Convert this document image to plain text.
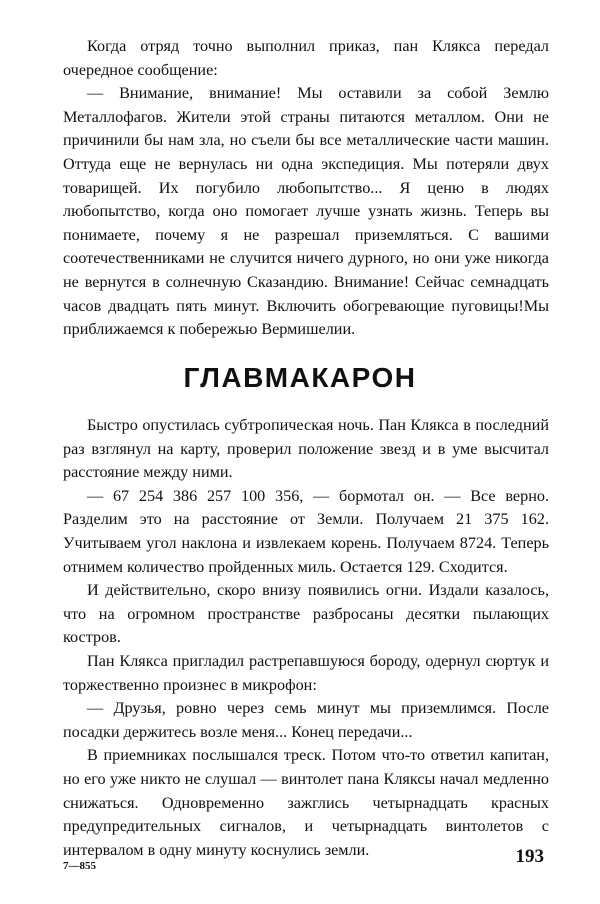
Когда отряд точно выполнил приказ, пан Клякса передал очередное сообщение:

— Внимание, внимание! Мы оставили за собой Землю Металлофагов. Жители этой страны питаются металлом. Они не причинили бы нам зла, но съели бы все металлические части машин. Оттуда еще не вернулась ни одна экспедиция. Мы потеряли двух товарищей. Их погубило любопытство... Я ценю в людях любопытство, когда оно помогает лучше узнать жизнь. Теперь вы понимаете, почему я не разрешал приземляться. С вашими соотечественниками не случится ничего дурного, но они уже никогда не вернутся в солнечную Сказандию. Внимание! Сейчас семнадцать часов двадцать пять минут. Включить обогревающие пуговицы!Мы приближаемся к побережью Вермишелии.

ГЛАВМАКАРОН

Быстро опустилась субтропическая ночь. Пан Клякса в последний раз взглянул на карту, проверил положение звезд и в уме высчитал расстояние между ними.

— 67 254 386 257 100 356, — бормотал он. — Все верно. Разделим это на расстояние от Земли. Получаем 21 375 162. Учитываем угол наклона и извлекаем корень. Получаем 8724. Теперь отнимем количество пройденных миль. Остается 129. Сходится.

И действительно, скоро внизу появились огни. Издали казалось, что на огромном пространстве разбросаны десятки пылающих костров.

Пан Клякса пригладил растрепавшуюся бороду, одернул сюртук и торжественно произнес в микрофон:

— Друзья, ровно через семь минут мы приземлимся. После посадки держитесь возле меня... Конец передачи...

В приемниках послышался треск. Потом что-то ответил капитан, но его уже никто не слушал — винтолет пана Кляксы начал медленно снижаться. Одновременно зажглись четырнадцать красных предупредительных сигналов, и четырнадцать винтолетов с интервалом в одну минуту коснулись земли.

7—855	193
